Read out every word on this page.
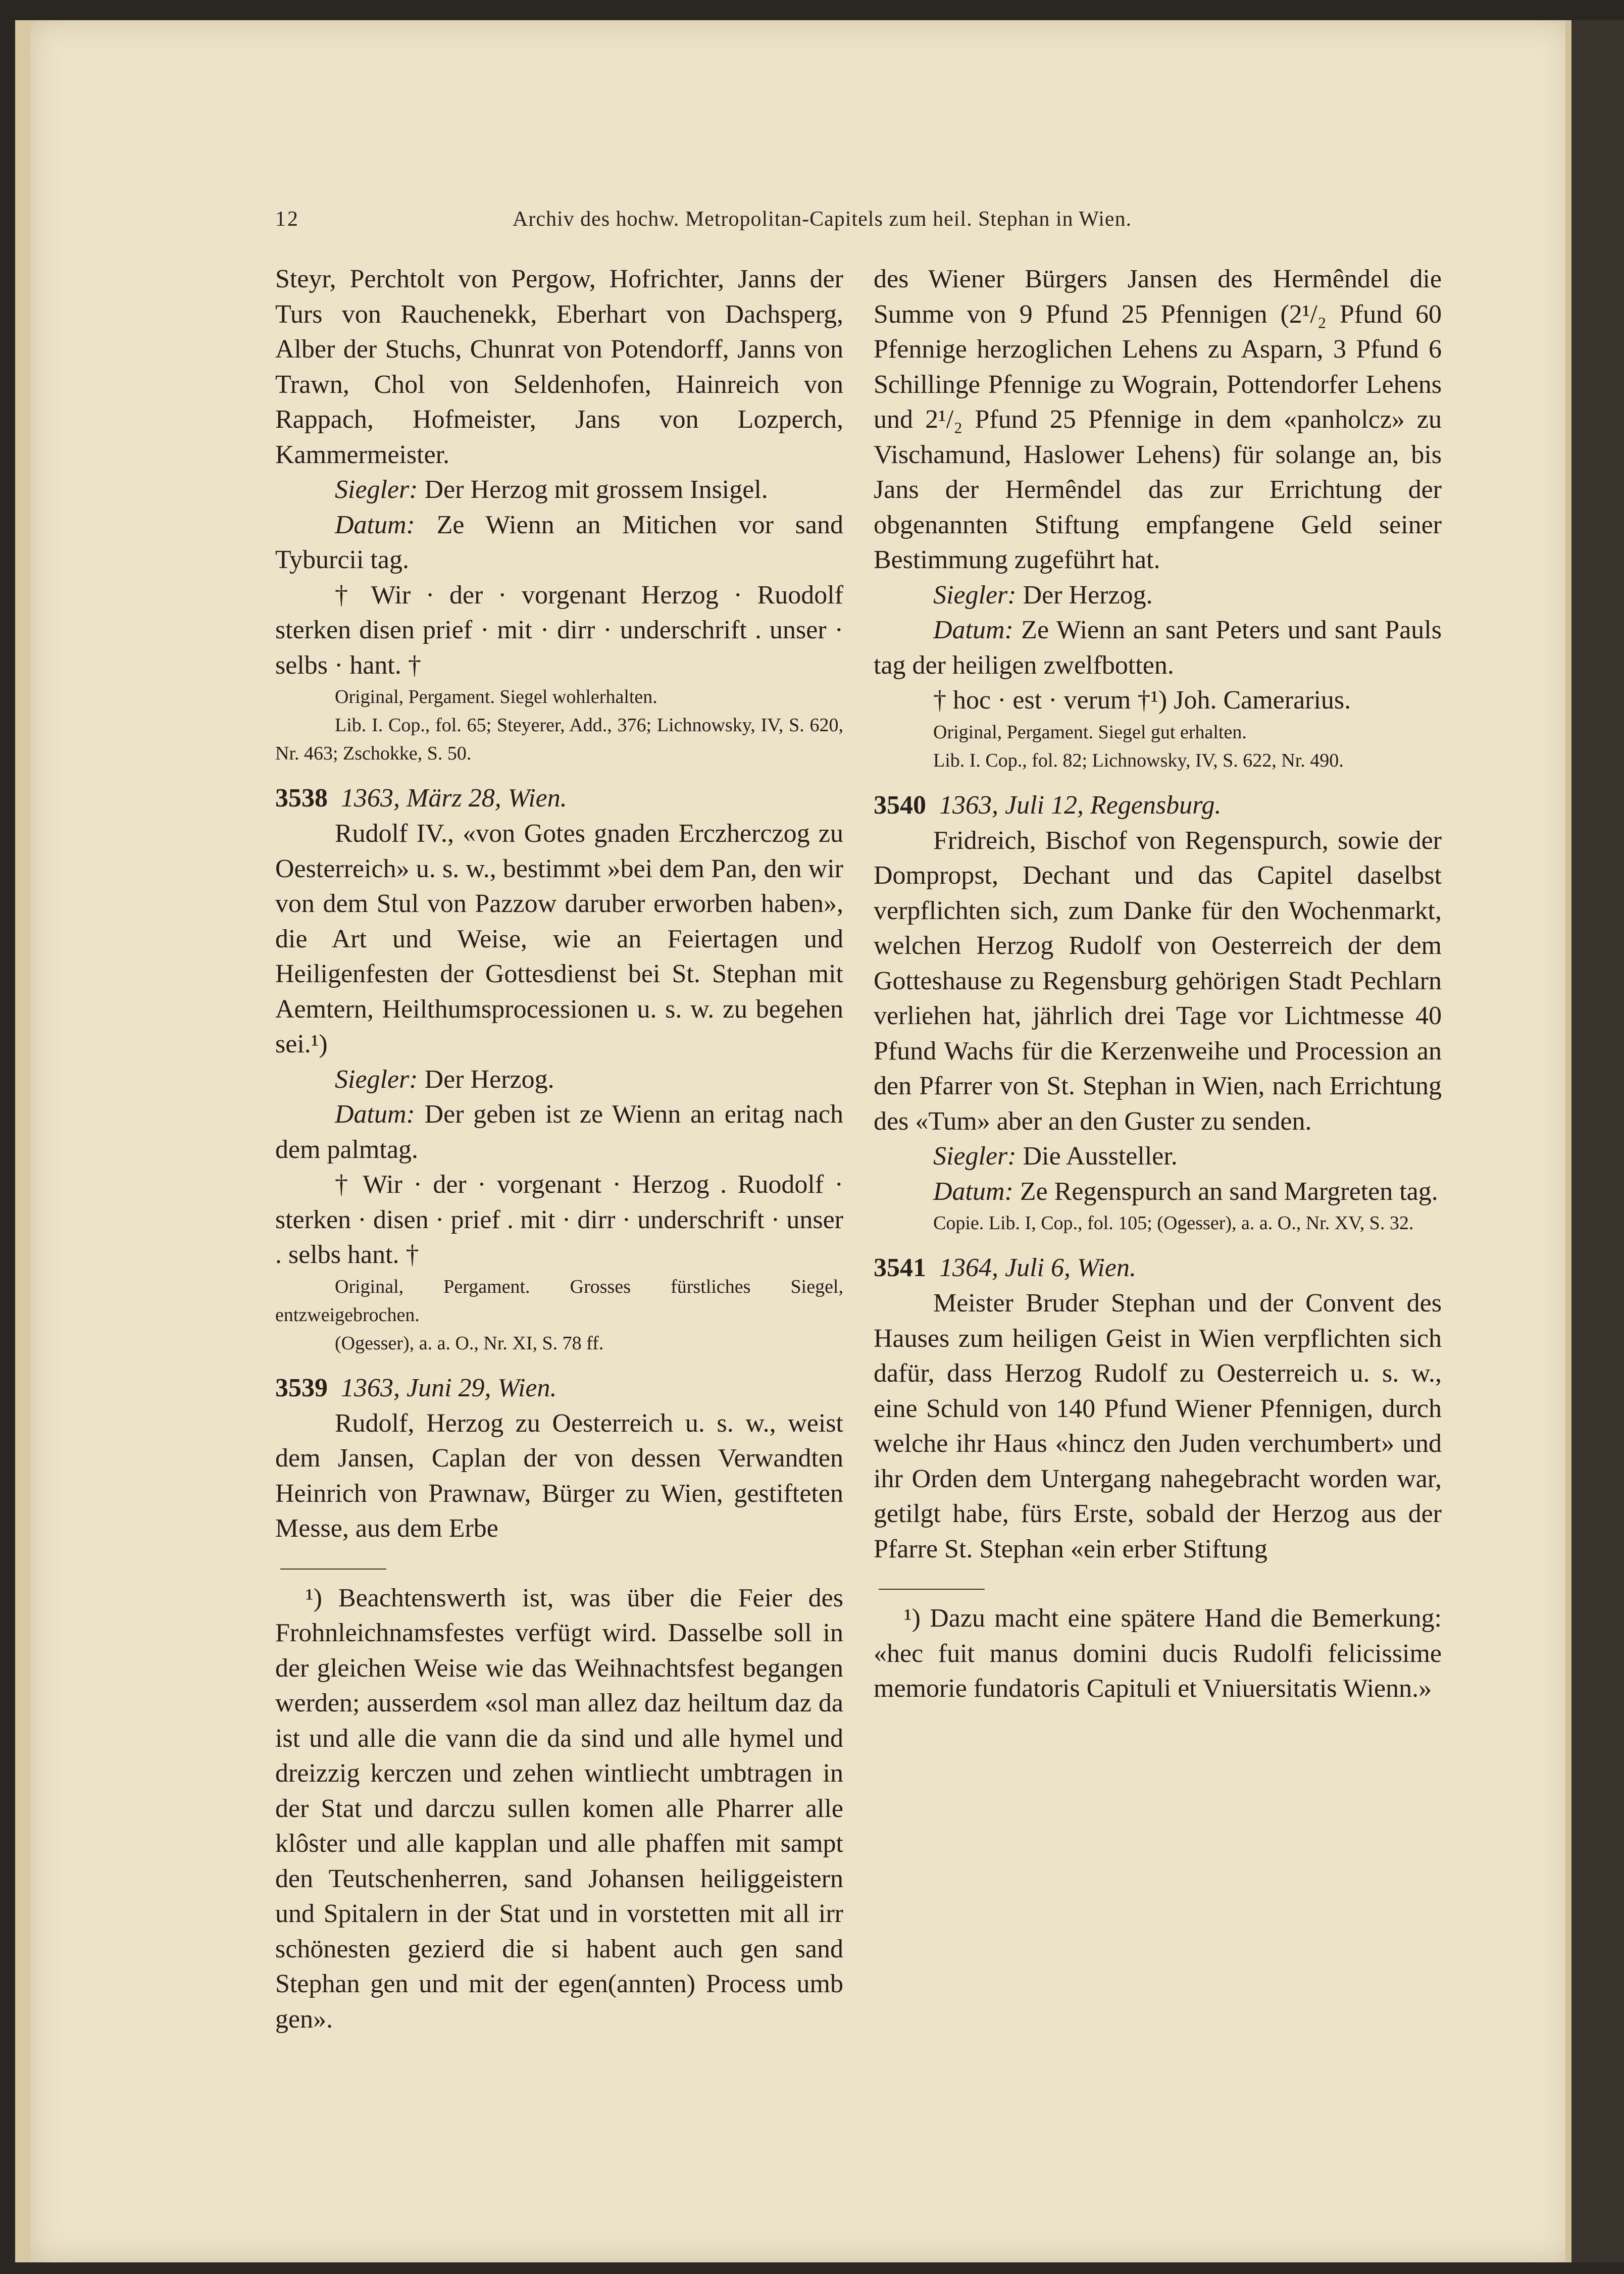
12	Archiv des hochw. Metropolitan-Capitels zum heil. Stephan in Wien.

Steyr, Perchtolt von Pergow, Hofrichter, Janns der Turs von Rauchenekk, Eberhart von Dachsperg, Alber der Stuchs, Chunrat von Potendorff, Janns von Trawn, Chol von Seldenhofen, Hainreich von Rappach, Hofmeister, Jans von Lozperch, Kammermeister.

Siegler: Der Herzog mit grossem Insigel.

Datum: Ze Wienn an Mitichen vor sand Tyburcii tag.

† Wir · der · vorgenant Herzog · Ruodolf sterken disen prief · mit · dirr · underschrift . unser · selbs · hant. †

Original, Pergament. Siegel wohlerhalten.

Lib. I. Cop., fol. 65; Steyerer, Add., 376; Lichnowsky, IV, S. 620, Nr. 463; Zschokke, S. 50.

3538 1363, März 28, Wien.

Rudolf IV., «von Gotes gnaden Erczherczog zu Oesterreich» u. s. w., bestimmt »bei dem Pan, den wir von dem Stul von Pazzow daruber erworben haben», die Art und Weise, wie an Feiertagen und Heiligenfesten der Gottesdienst bei St. Stephan mit Aemtern, Heilthumsprocessionen u. s. w. zu begehen sei.¹)

Siegler: Der Herzog.

Datum: Der geben ist ze Wienn an eritag nach dem palmtag.

† Wir · der · vorgenant · Herzog . Ruodolf · sterken · disen · prief . mit · dirr · underschrift · unser . selbs hant. †

Original, Pergament. Grosses fürstliches Siegel, entzweigebrochen.

(Ogesser), a. a. O., Nr. XI, S. 78 ff.

3539 1363, Juni 29, Wien.

Rudolf, Herzog zu Oesterreich u. s. w., weist dem Jansen, Caplan der von dessen Verwandten Heinrich von Prawnaw, Bürger zu Wien, gestifteten Messe, aus dem Erbe

¹) Beachtenswerth ist, was über die Feier des Frohnleichnamsfestes verfügt wird. Dasselbe soll in der gleichen Weise wie das Weihnachtsfest begangen werden; ausserdem «sol man allez daz heiltum daz da ist und alle die vann die da sind und alle hymel und dreizzig kerczen und zehen wintliecht umbtragen in der Stat und darczu sullen komen alle Pharrer alle klôster und alle kapplan und alle phaffen mit sampt den Teutschenherren, sand Johansen heiliggeistern und Spitalern in der Stat und in vorstetten mit all irr schönesten gezierd die si habent auch gen sand Stephan gen und mit der egen(annten) Process umb gen».

des Wiener Bürgers Jansen des Hermêndel die Summe von 9 Pfund 25 Pfennigen (2¹/₂ Pfund 60 Pfennige herzoglichen Lehens zu Asparn, 3 Pfund 6 Schillinge Pfennige zu Wograin, Pottendorfer Lehens und 2¹/₂ Pfund 25 Pfennige in dem «panholcz» zu Vischamund, Haslower Lehens) für solange an, bis Jans der Hermêndel das zur Errichtung der obgenannten Stiftung empfangene Geld seiner Bestimmung zugeführt hat.

Siegler: Der Herzog.

Datum: Ze Wienn an sant Peters und sant Pauls tag der heiligen zwelfbotten.

† hoc · est · verum †¹) Joh. Camerarius.

Original, Pergament. Siegel gut erhalten.

Lib. I. Cop., fol. 82; Lichnowsky, IV, S. 622, Nr. 490.

3540 1363, Juli 12, Regensburg.

Fridreich, Bischof von Regenspurch, sowie der Dompropst, Dechant und das Capitel daselbst verpflichten sich, zum Danke für den Wochenmarkt, welchen Herzog Rudolf von Oesterreich der dem Gotteshause zu Regensburg gehörigen Stadt Pechlarn verliehen hat, jährlich drei Tage vor Lichtmesse 40 Pfund Wachs für die Kerzenweihe und Procession an den Pfarrer von St. Stephan in Wien, nach Errichtung des «Tum» aber an den Guster zu senden.

Siegler: Die Aussteller.

Datum: Ze Regenspurch an sand Margreten tag.

Copie. Lib. I, Cop., fol. 105; (Ogesser), a. a. O., Nr. XV, S. 32.

3541 1364, Juli 6, Wien.

Meister Bruder Stephan und der Convent des Hauses zum heiligen Geist in Wien verpflichten sich dafür, dass Herzog Rudolf zu Oesterreich u. s. w., eine Schuld von 140 Pfund Wiener Pfennigen, durch welche ihr Haus «hincz den Juden verchumbert» und ihr Orden dem Untergang nahegebracht worden war, getilgt habe, fürs Erste, sobald der Herzog aus der Pfarre St. Stephan «ein erber Stiftung

¹) Dazu macht eine spätere Hand die Bemerkung: «hec fuit manus domini ducis Rudolfi felicissime memorie fundatoris Capituli et Vniuersitatis Wienn.»
